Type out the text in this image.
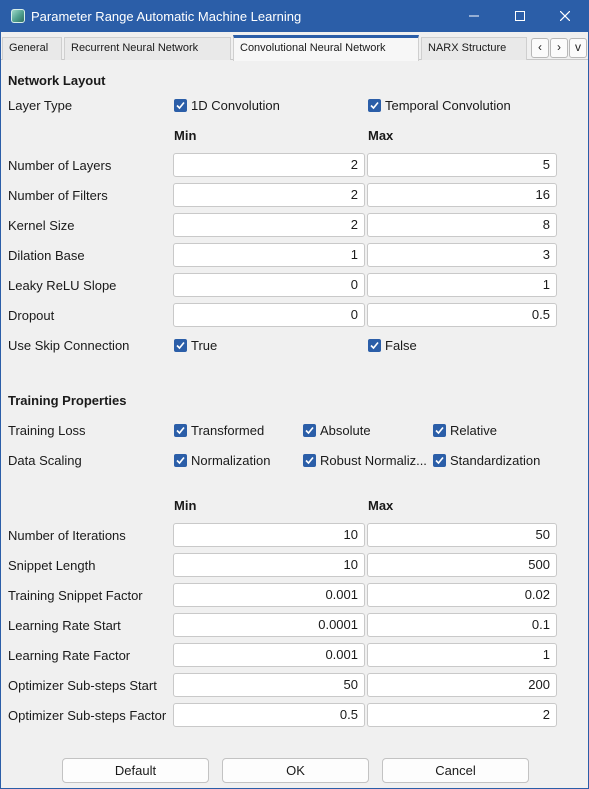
Parameter Range Automatic Machine Learning
General	Recurrent Neural Network	Convolutional Neural Network	NARX Structure	‹	›	v
Network Layout
Layer Type	1D Convolution	Temporal Convolution
Min	Max
Number of Layers	2	5
Number of Filters	2	16
Kernel Size	2	8
Dilation Base	1	3
Leaky ReLU Slope	0	1
Dropout	0	0.5
Use Skip Connection	True	False
Training Properties
Training Loss	Transformed	Absolute	Relative
Data Scaling	Normalization	Robust Normaliz... Standardization
Min	Max
Number of Iterations	10	50
Snippet Length	10	500
Training Snippet Factor	0.001	0.02
Learning Rate Start	0.0001	0.1
Learning Rate Factor	0.001	1
Optimizer Sub-steps Start	50	200
Optimizer Sub-steps Factor	0.5	2
Default	OK	Cancel
